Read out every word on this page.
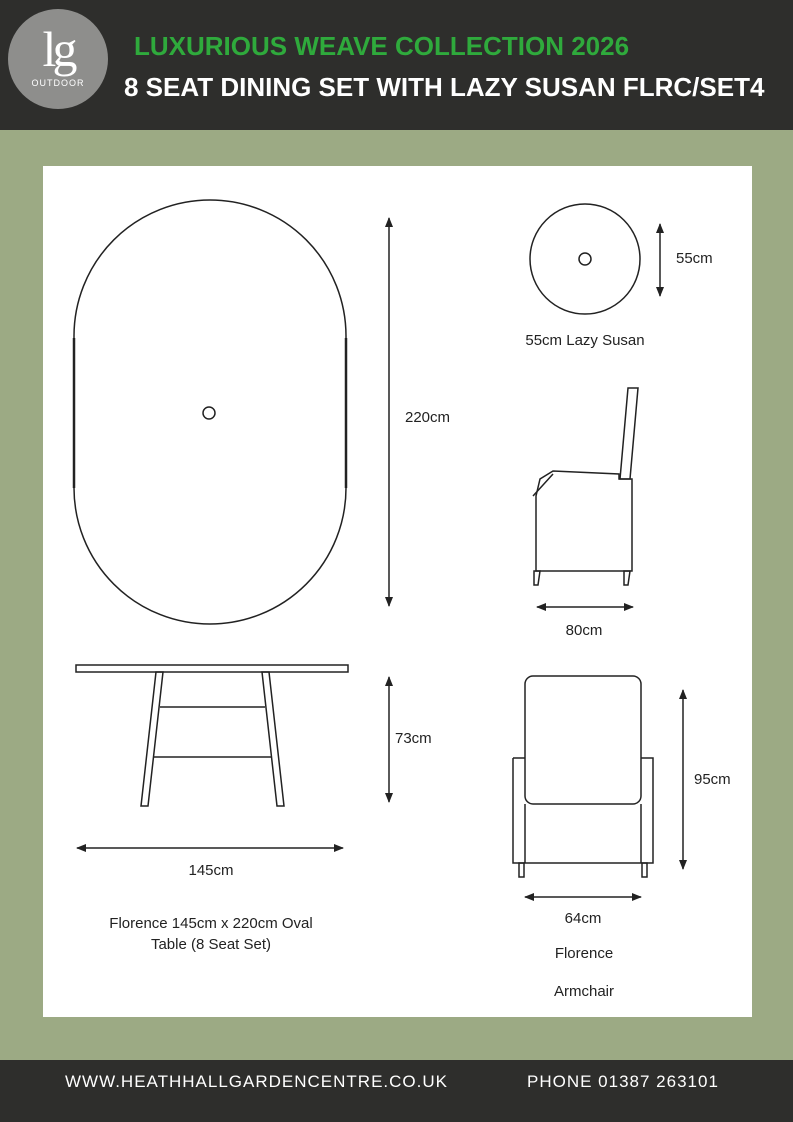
lg
OUTDOOR
LUXURIOUS WEAVE COLLECTION 2026
8 SEAT DINING SET WITH LAZY SUSAN FLRC/SET4
220cm
55cm
55cm Lazy Susan
80cm
73cm
95cm
145cm
64cm
Florence 145cm x 220cm Oval
Table (8 Seat Set)
Florence
Armchair
WWW.HEATHHALLGARDENCENTRE.CO.UK	PHONE 01387 263101
